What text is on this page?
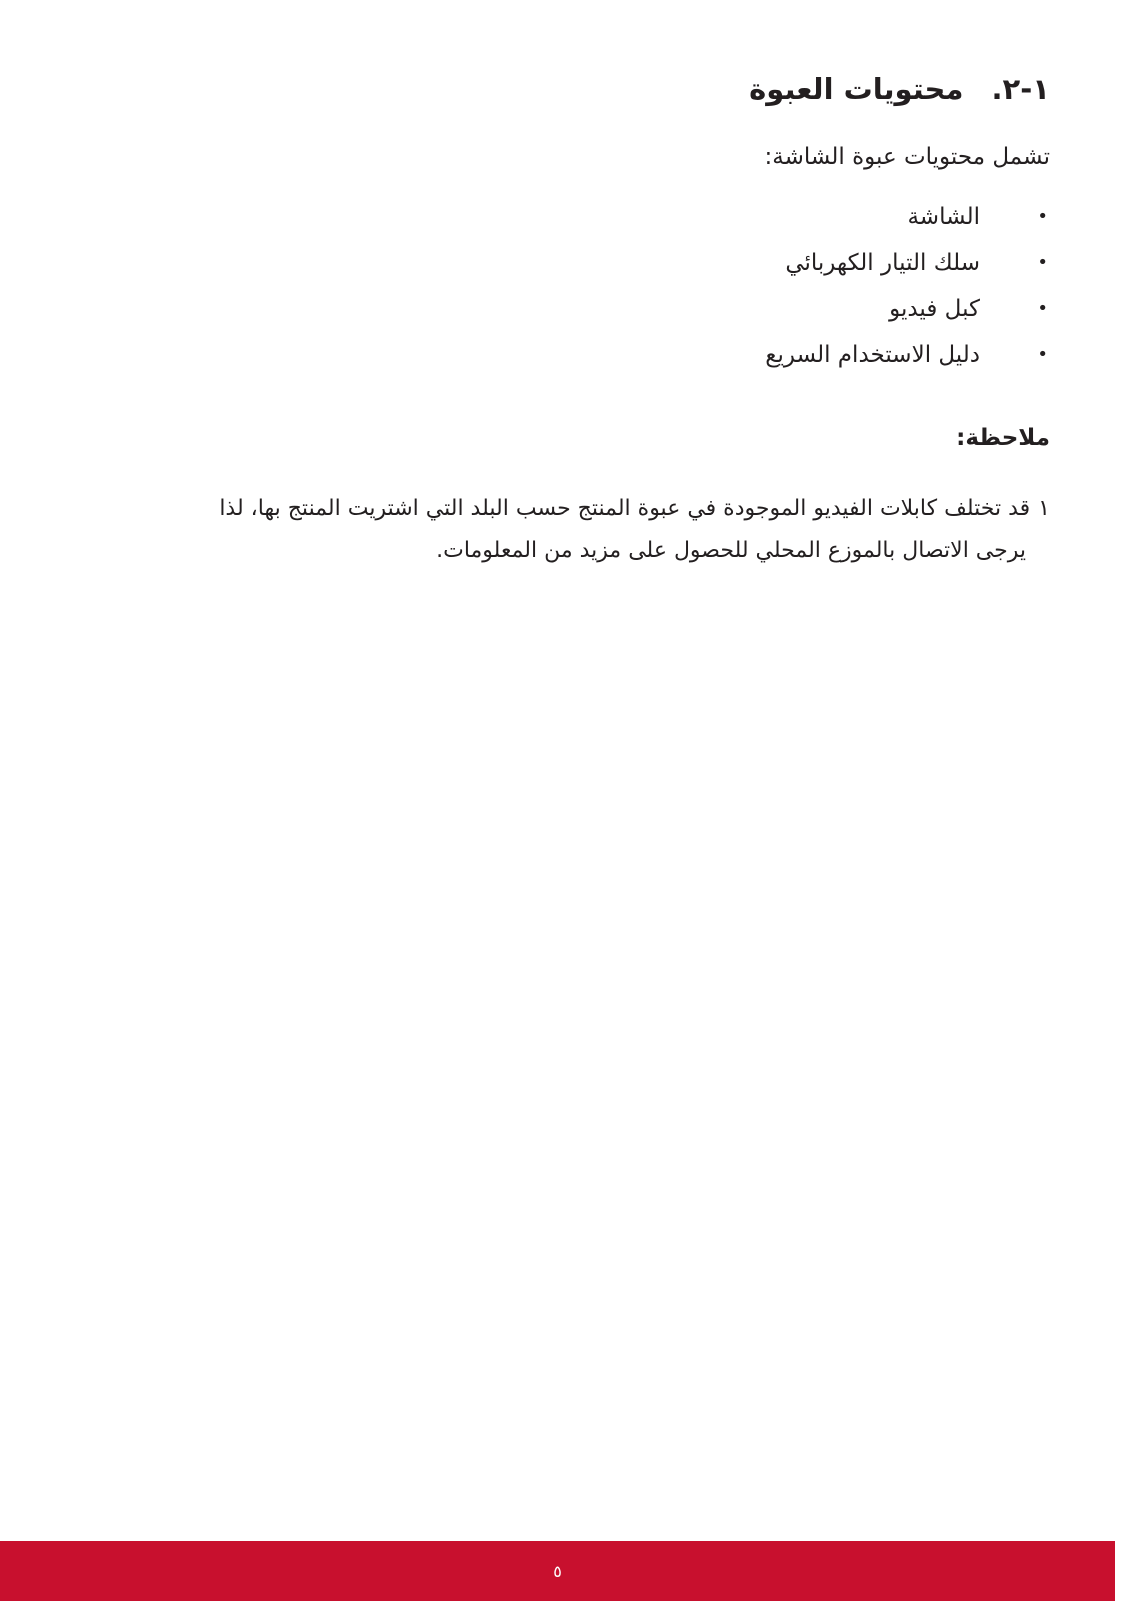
١-٢. محتويات العبوة

تشمل محتويات عبوة الشاشة:

•
الشاشة
•
سلك التيار الكهربائي
•
كبل فيديو
•
دليل الاستخدام السريع

ملاحظة:

١قد تختلف كابلات الفيديو الموجودة في عبوة المنتج حسب البلد التي اشتريت المنتج بها، لذا
يرجى الاتصال بالموزع المحلي للحصول على مزيد من المعلومات.

٥
